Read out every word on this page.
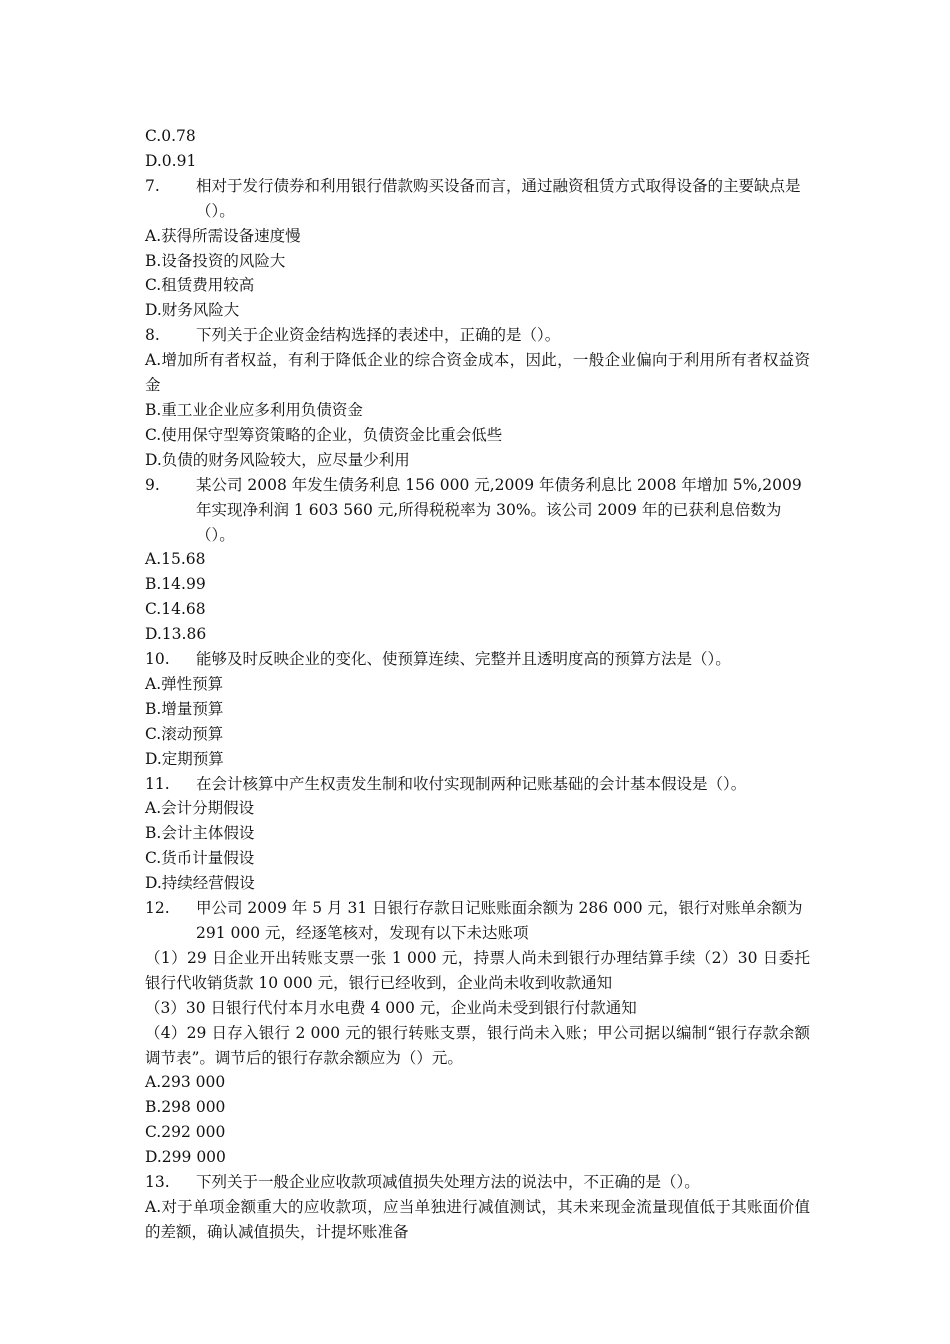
C.0.78
D.0.91
7.	相对于发行债券和利用银行借款购买设备而言，通过融资租赁方式取得设备的主要缺点是（）。
A.获得所需设备速度慢
B.设备投资的风险大
C.租赁费用较高
D.财务风险大
8.	下列关于企业资金结构选择的表述中，正确的是（）。
A.增加所有者权益，有利于降低企业的综合资金成本，因此，一般企业偏向于利用所有者权益资金
B.重工业企业应多利用负债资金
C.使用保守型筹资策略的企业，负债资金比重会低些
D.负债的财务风险较大，应尽量少利用
9.	某公司 2008 年发生债务利息 156 000 元,2009 年债务利息比 2008 年增加 5%,2009 年实现净利润 1 603 560 元,所得税税率为 30%。该公司 2009 年的已获利息倍数为（）。
A.15.68
B.14.99
C.14.68
D.13.86
10.	能够及时反映企业的变化、使预算连续、完整并且透明度高的预算方法是（）。
A.弹性预算
B.增量预算
C.滚动预算
D.定期预算
11.	在会计核算中产生权责发生制和收付实现制两种记账基础的会计基本假设是（）。
A.会计分期假设
B.会计主体假设
C.货币计量假设
D.持续经营假设
12.	甲公司 2009 年 5 月 31 日银行存款日记账账面余额为 286 000 元，银行对账单余额为 291 000 元，经逐笔核对，发现有以下未达账项
（1）29 日企业开出转账支票一张 1 000 元，持票人尚未到银行办理结算手续（2）30 日委托银行代收销货款 10 000 元，银行已经收到，企业尚未收到收款通知
（3）30 日银行代付本月水电费 4 000 元，企业尚未受到银行付款通知
（4）29 日存入银行 2 000 元的银行转账支票，银行尚未入账；甲公司据以编制“银行存款余额调节表”。调节后的银行存款余额应为（）元。
A.293 000
B.298 000
C.292 000
D.299 000
13.	下列关于一般企业应收款项减值损失处理方法的说法中，不正确的是（）。
A.对于单项金额重大的应收款项，应当单独进行减值测试，其未来现金流量现值低于其账面价值的差额，确认减值损失，计提坏账准备
